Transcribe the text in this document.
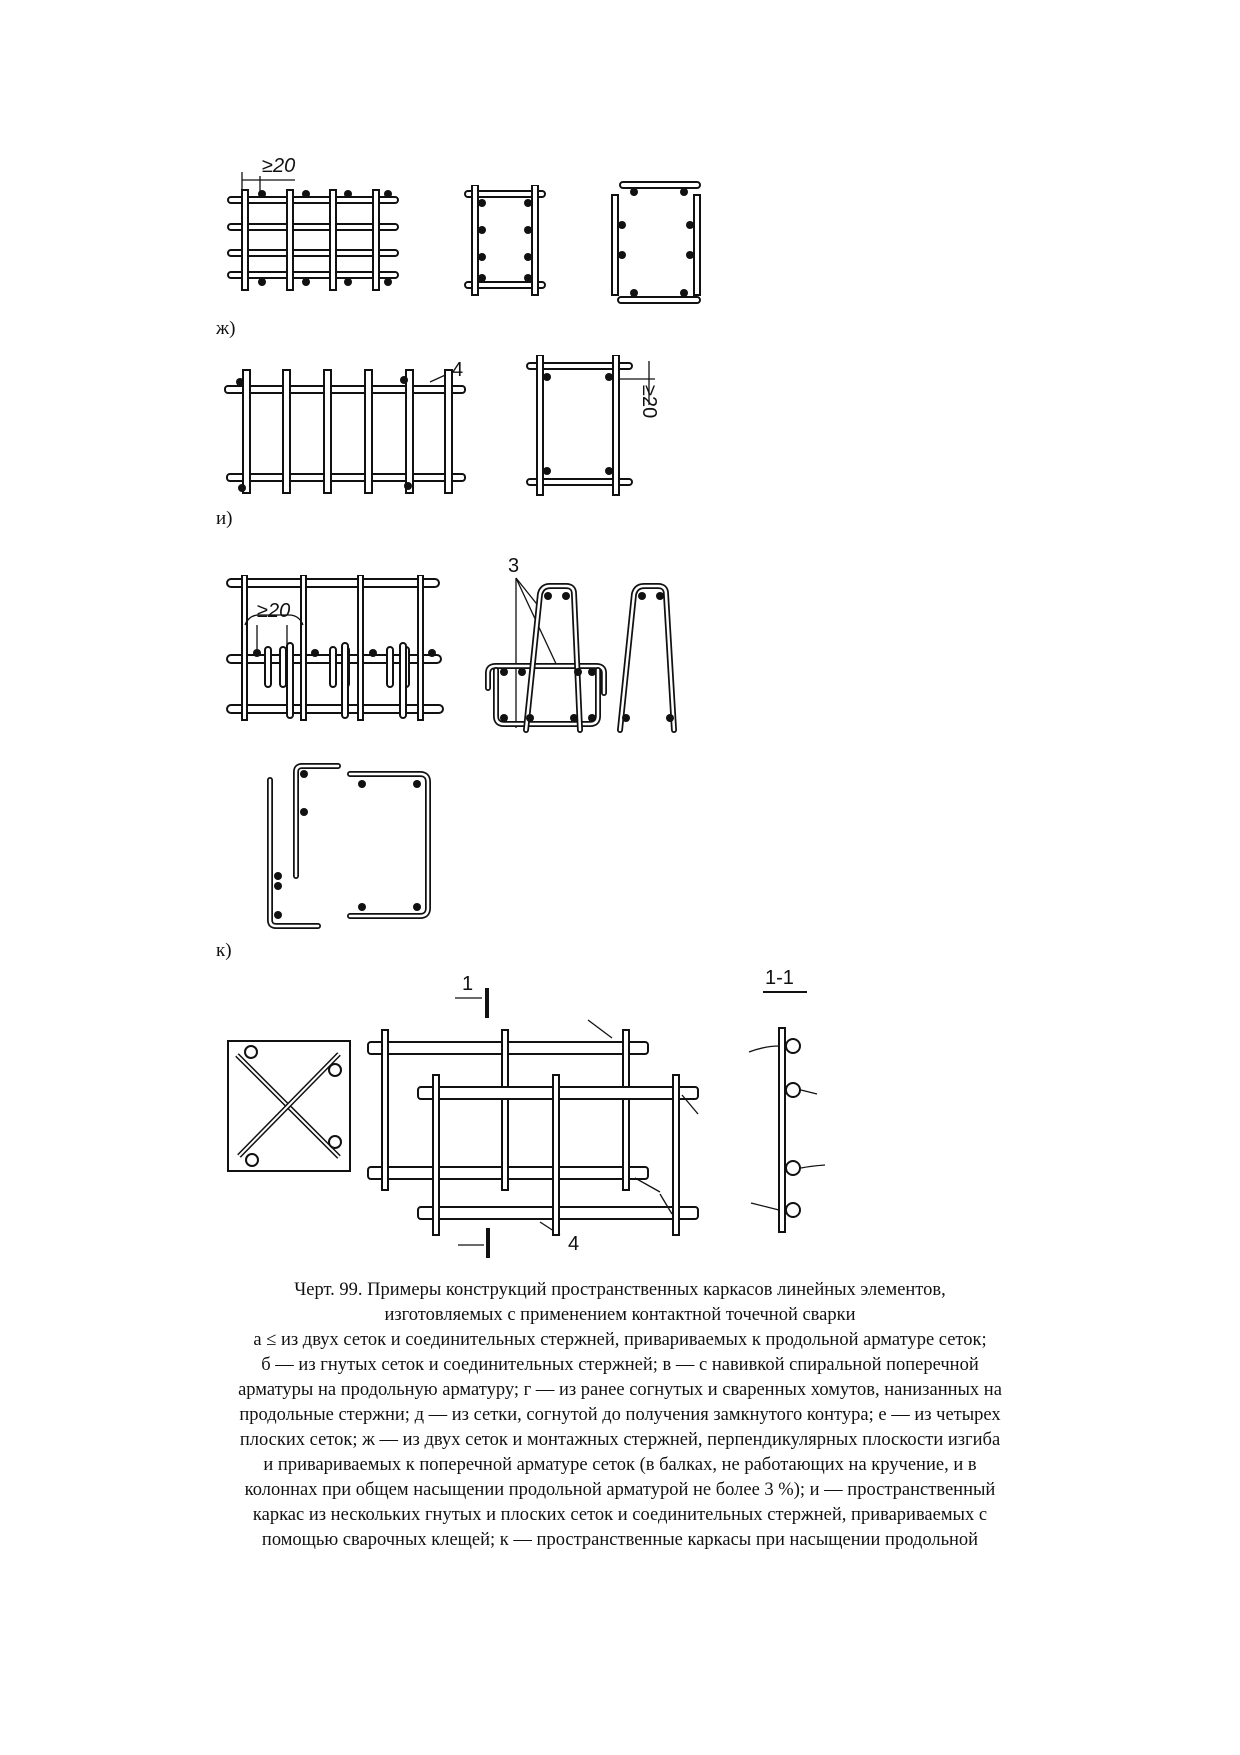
≥20
ж)
4
≥20
и)
≥20
3
к)
1
4
1-1

Черт. 99. Примеры конструкций пространственных каркасов линейных элементов,

изготовляемых с применением контактной точечной сварки

а ≤ из двух сеток и соединительных стержней, привариваемых к продольной арматуре сеток;

б — из гнутых сеток и соединительных стержней; в — с навивкой спиральной поперечной

арматуры на продольную арматуру; г — из ранее согнутых и сваренных хомутов, нанизанных на

продольные стержни; д — из сетки, согнутой до получения замкнутого контура; е — из четырех

плоских сеток; ж — из двух сеток и монтажных стержней, перпендикулярных плоскости изгиба

и привариваемых к поперечной арматуре сеток (в балках, не работающих на кручение, и в

колоннах при общем насыщении продольной арматурой не более 3 %); и — пространственный

каркас из нескольких гнутых и плоских сеток и соединительных стержней, привариваемых с

помощью сварочных клещей; к — пространственные каркасы при насыщении продольной
